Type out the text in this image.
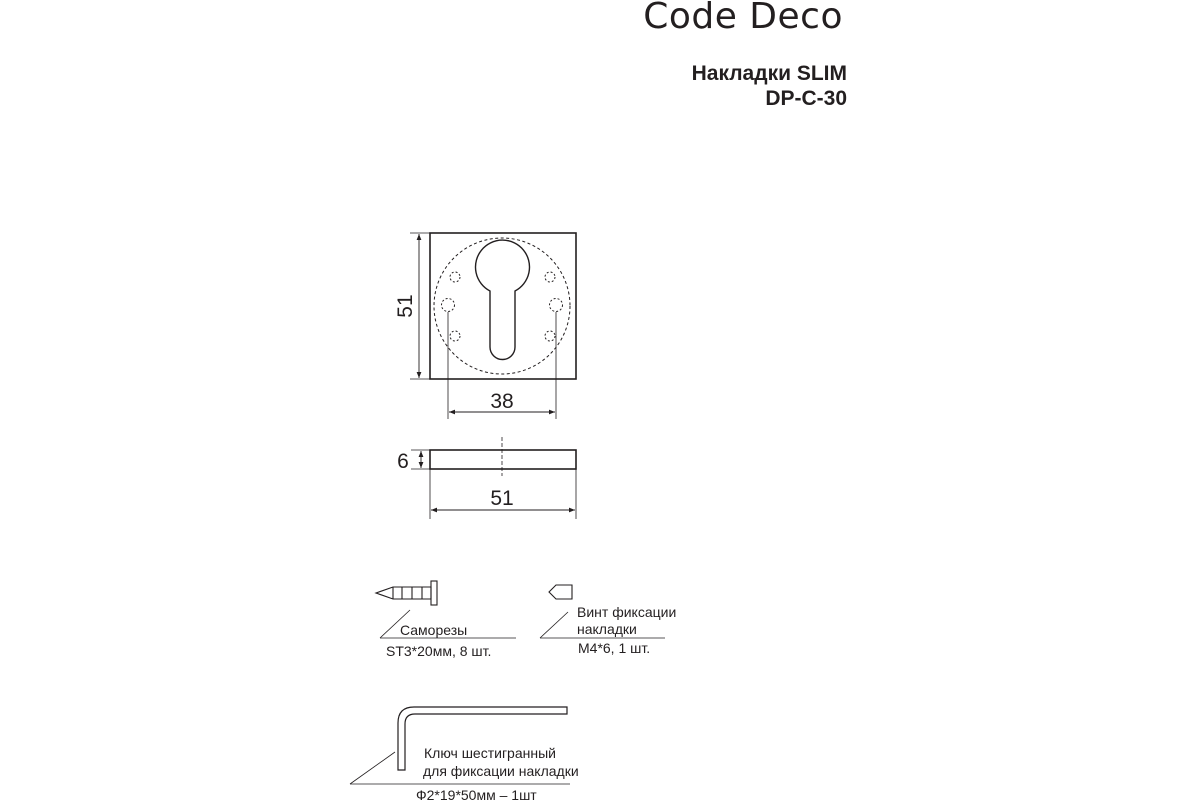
Code Deco
Накладки SLIM
DP-C-30
51
38
6
51
Саморезы
ST3*20мм, 8 шт.
Винт фиксации
накладки
М4*6, 1 шт.
Ключ шестигранный
для фиксации накладки
Ф2*19*50мм – 1шт
